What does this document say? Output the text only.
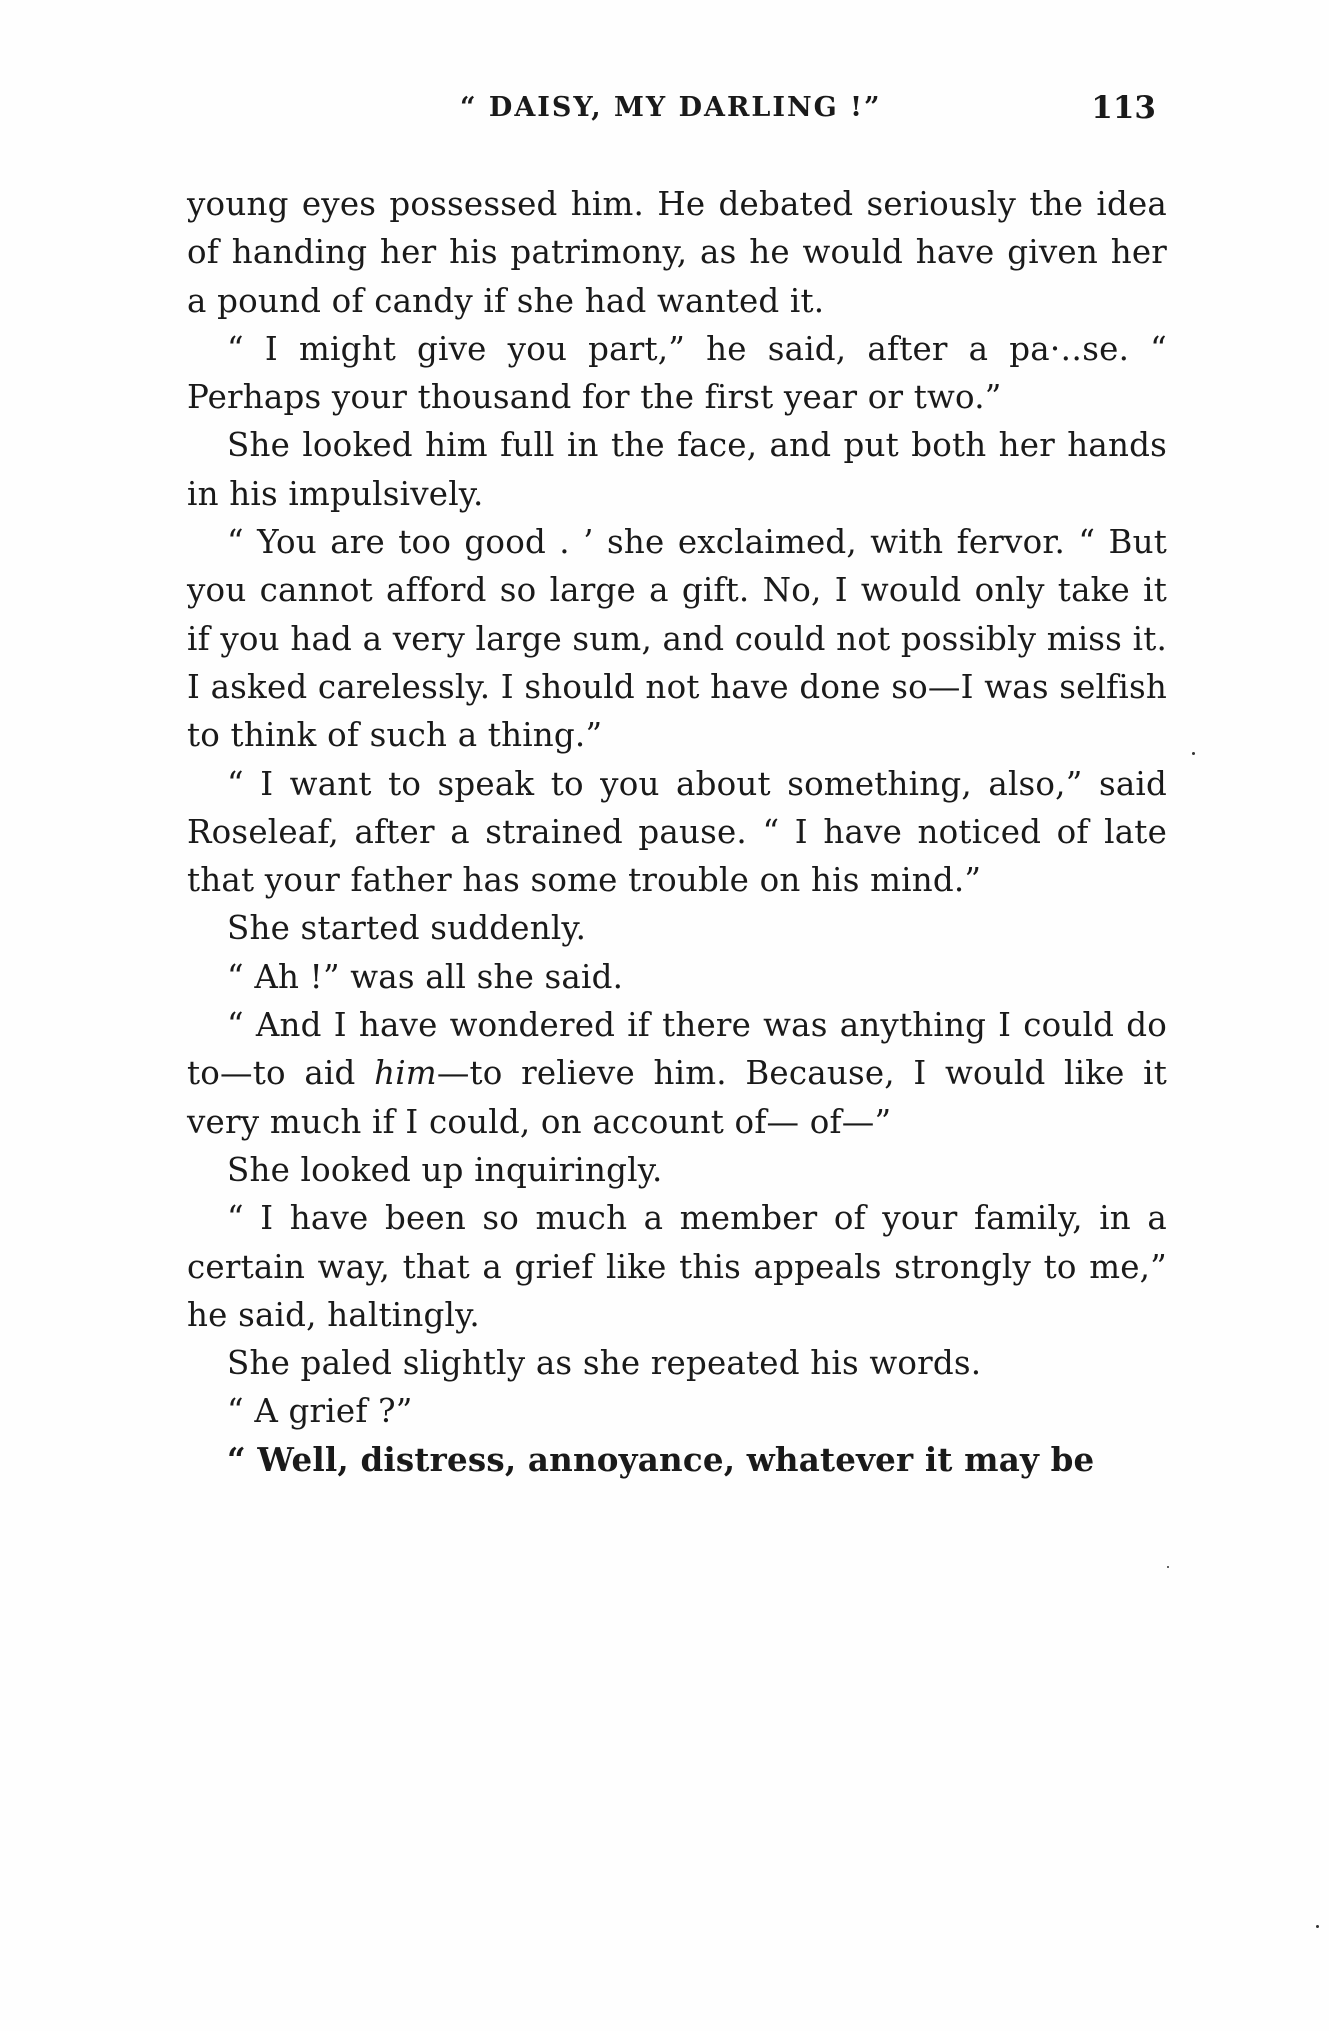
“ DAISY, MY DARLING !”	113

young eyes possessed him. He debated seriously the idea of handing her his patrimony, as he would have given her a pound of candy if she had wanted it.

“ I might give you part,” he said, after a pa·‥se. “ Perhaps your thousand for the first year or two.”

She looked him full in the face, and put both her hands in his impulsively.

“ You are too good . ’ she exclaimed, with fervor. “ But you cannot afford so large a gift. No, I would only take it if you had a very large sum, and could not possibly miss it. I asked carelessly. I should not have done so—I was selfish to think of such a thing.”

“ I want to speak to you about something, also,” said Roseleaf, after a strained pause. “ I have noticed of late that your father has some trouble on his mind.”

She started suddenly.

“ Ah !” was all she said.

“ And I have wondered if there was anything I could do to—to aid him—to relieve him. Because, I would like it very much if I could, on account of— of—”

She looked up inquiringly.

“ I have been so much a member of your family, in a certain way, that a grief like this appeals strongly to me,” he said, haltingly.

She paled slightly as she repeated his words.

“ A grief ?”

“ Well, distress, annoyance, whatever it may be
